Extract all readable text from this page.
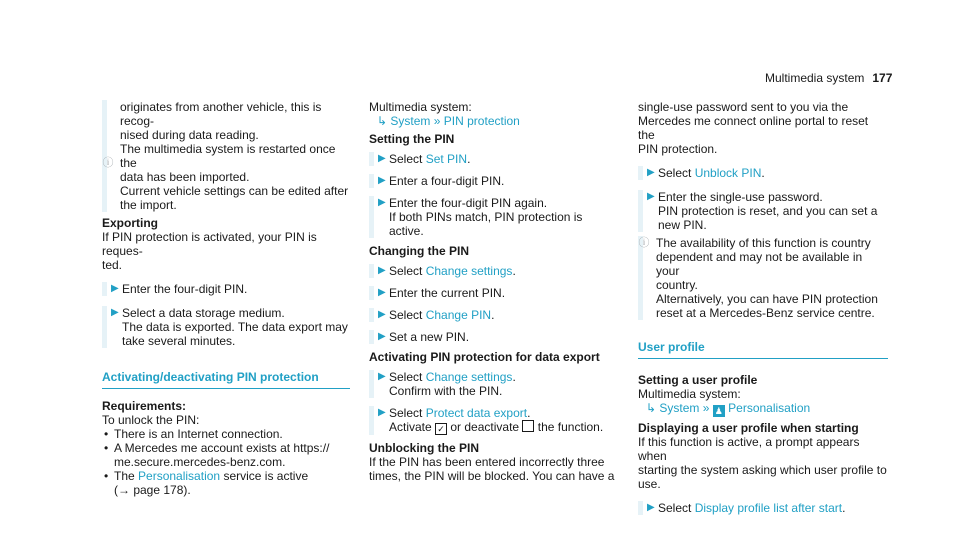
Multimedia system 177

originates from another vehicle, this is recog-

nised during data reading.

The multimedia system is restarted once the

data has been imported.

ⓘ

Current vehicle settings can be edited after

the import.

Exporting

If PIN protection is activated, your PIN is reques-

ted.

▶ Enter the four-digit PIN.

▶ Select a data storage medium.

The data is exported. The data export may

take several minutes.

Activating/deactivating PIN protection

Requirements:

To unlock the PIN:

• There is an Internet connection.

• A Mercedes me account exists at https://

me.secure.mercedes-benz.com.

• The Personalisation service is active

(→ page 178).

Multimedia system:

↳ System » PIN protection

Setting the PIN

▶ Select Set PIN.

▶ Enter a four-digit PIN.

▶ Enter the four-digit PIN again.

If both PINs match, PIN protection is active.

Changing the PIN

▶ Select Change settings.

▶ Enter the current PIN.

▶ Select Change PIN.

▶ Set a new PIN.

Activating PIN protection for data export

▶ Select Change settings.

Confirm with the PIN.

▶ Select Protect data export.

Activate ✓ or deactivate the function.

Unblocking the PIN

If the PIN has been entered incorrectly three

times, the PIN will be blocked. You can have a

single-use password sent to you via the

Mercedes me connect online portal to reset the

PIN protection.

▶ Select Unblock PIN.

▶ Enter the single-use password.

PIN protection is reset, and you can set a

new PIN.

ⓘ The availability of this function is country

dependent and may not be available in your

country.

Alternatively, you can have PIN protection

reset at a Mercedes-Benz service centre.

User profile

Setting a user profile

Multimedia system:

↳ System » ♟ Personalisation

Displaying a user profile when starting

If this function is active, a prompt appears when

starting the system asking which user profile to

use.

▶ Select Display profile list after start.
